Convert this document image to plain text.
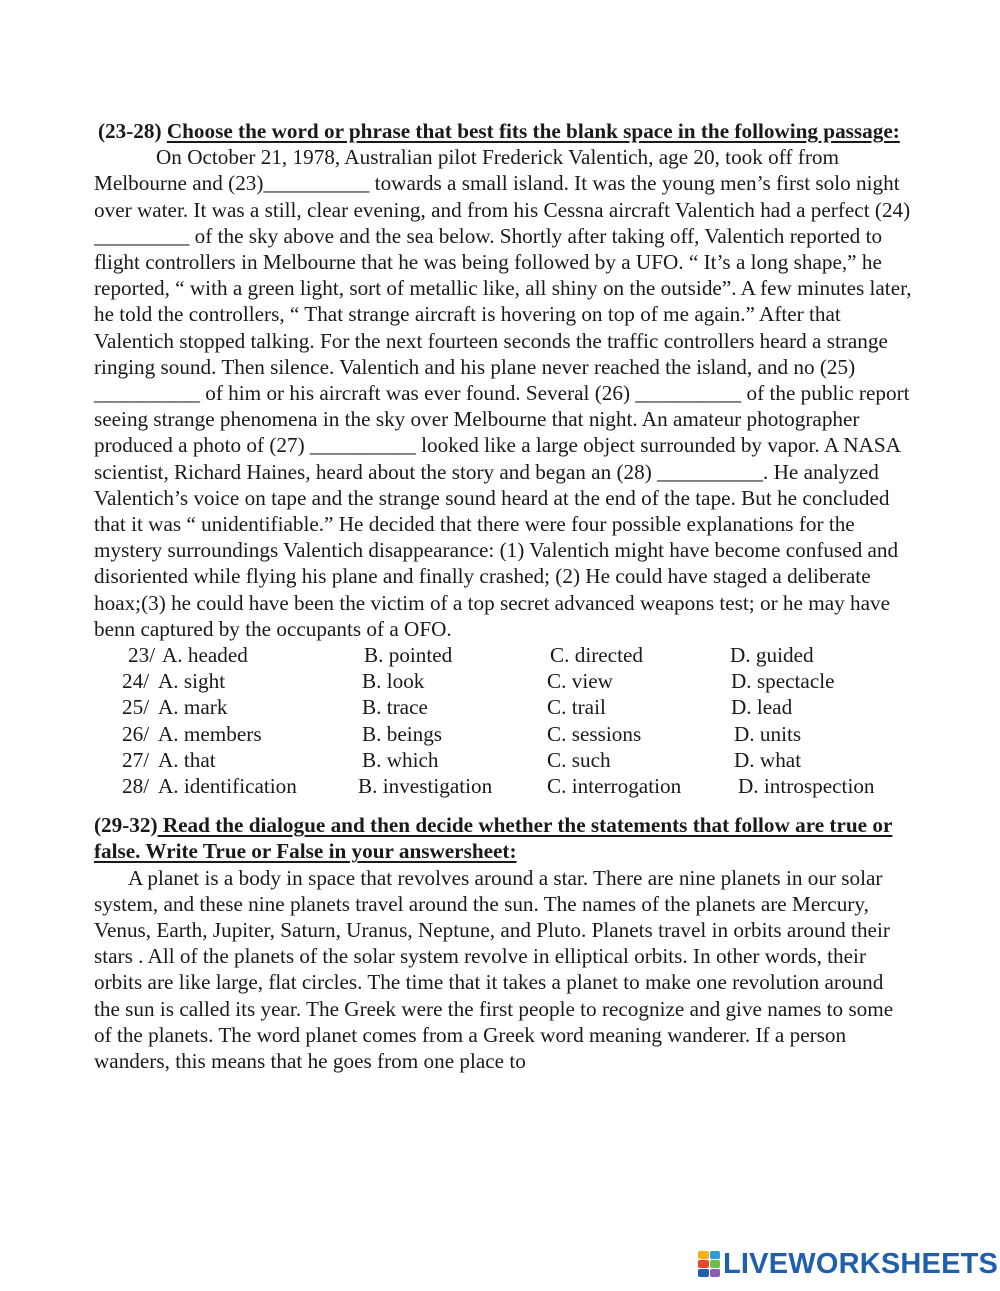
(23-28) Choose the word or phrase that best fits the blank space in the following passage:

On October 21, 1978, Australian pilot Frederick Valentich, age 20, took off from Melbourne and (23)__________ towards a small island. It was the young men’s first solo night over water. It was a still, clear evening, and from his Cessna aircraft Valentich had a perfect (24) _________ of the sky above and the sea below. Shortly after taking off, Valentich reported to flight controllers in Melbourne that he was being followed by a UFO. “ It’s a long shape,” he reported, “ with a green light, sort of metallic like, all shiny on the outside”. A few minutes later, he told the controllers, “ That strange aircraft is hovering on top of me again.” After that Valentich stopped talking. For the next fourteen seconds the traffic controllers heard a strange ringing sound. Then silence. Valentich and his plane never reached the island, and no (25) __________ of him or his aircraft was ever found. Several (26) __________ of the public report seeing strange phenomena in the sky over Melbourne that night. An amateur photographer produced a photo of (27) __________ looked like a large object surrounded by vapor. A NASA scientist, Richard Haines, heard about the story and began an (28) __________. He analyzed Valentich’s voice on tape and the strange sound heard at the end of the tape. But he concluded that it was “ unidentifiable.” He decided that there were four possible explanations for the mystery surroundings Valentich disappearance: (1) Valentich might have become confused and disoriented while flying his plane and finally crashed; (2) He could have staged a deliberate hoax;(3) he could have been the victim of a top secret advanced weapons test; or he may have benn captured by the occupants of a OFO.

23/ A. headed	B. pointed	C. directed	D. guided
24/ A. sight	B. look	C. view	D. spectacle
25/ A. mark	B. trace	C. trail	D. lead
26/ A. members	B. beings	C. sessions	D. units
27/ A. that	B. which	C. such	D. what
28/ A. identification	B. investigation	C. interrogation	D. introspection

(29-32) Read the dialogue and then decide whether the statements that follow are true or false. Write True or False in your answersheet:

A planet is a body in space that revolves around a star. There are nine planets in our solar system, and these nine planets travel around the sun. The names of the planets are Mercury, Venus, Earth, Jupiter, Saturn, Uranus, Neptune, and Pluto. Planets travel in orbits around their stars . All of the planets of the solar system revolve in elliptical orbits. In other words, their orbits are like large, flat circles. The time that it takes a planet to make one revolution around the sun is called its year. The Greek were the first people to recognize and give names to some of the planets. The word planet comes from a Greek word meaning wanderer. If a person wanders, this means that he goes from one place to

LIVEWORKSHEETS
